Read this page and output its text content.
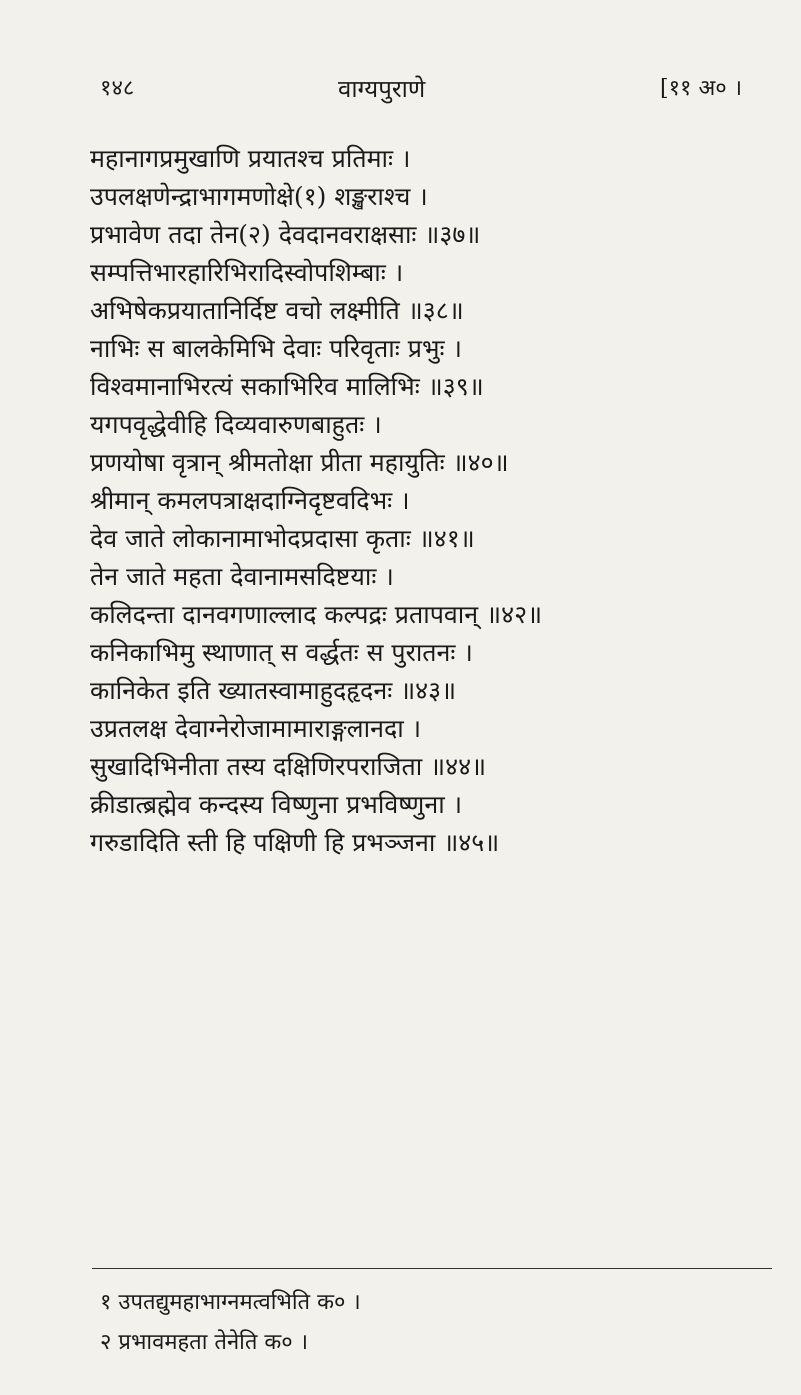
१४८	वाग्यपुराणे	[११ अ० ।
महानागप्रमुखाणि प्रयातश्च प्रतिमाः ।
उपलक्षणेन्द्राभागमणोक्षे(१) शङ्खराश्च ।
प्रभावेण तदा तेन(२) देवदानवराक्षसाः ॥३७॥
सम्पत्तिभारहारिभिरादिस्वोपशिम्बाः ।
अभिषेकप्रयातानिर्दिष्ट वचो लक्ष्मीति ॥३८॥
नाभिः स बालकेमिभि देवाः परिवृताः प्रभुः ।
विश्वमानाभिरत्यं सकाभिरिव मालिभिः ॥३९॥
यगपवृद्धेवीहि दिव्यवारुणबाहुतः ।
प्रणयोषा वृत्रान् श्रीमतोक्षा प्रीता महायुतिः ॥४०॥
श्रीमान् कमलपत्राक्षदाग्निदृष्टवदिभः ।
देव जाते लोकानामाभोदप्रदासा कृताः ॥४१॥
तेन जाते महता देवानामसदिष्टयाः ।
कलिदन्ता दानवगणाल्लाद कल्पद्रः प्रतापवान् ॥४२॥
कनिकाभिमु स्थाणात् स वर्द्धतः स पुरातनः ।
कानिकेत इति ख्यातस्वामाहुदहृदनः ॥४३॥
उप्रतलक्ष देवाग्नेरोजामामाराङ्गलानदा ।
सुखादिभिनीता तस्य दक्षिणिरपराजिता ॥४४॥
क्रीडात्ब्रह्मेव कन्दस्य विष्णुना प्रभविष्णुना ।
गरुडादिति स्ती हि पक्षिणी हि प्रभञ्जना ॥४५॥
१ उपतद्युमहाभाग्नमत्वभिति क० ।
२ प्रभावमहता तेनेति क० ।
